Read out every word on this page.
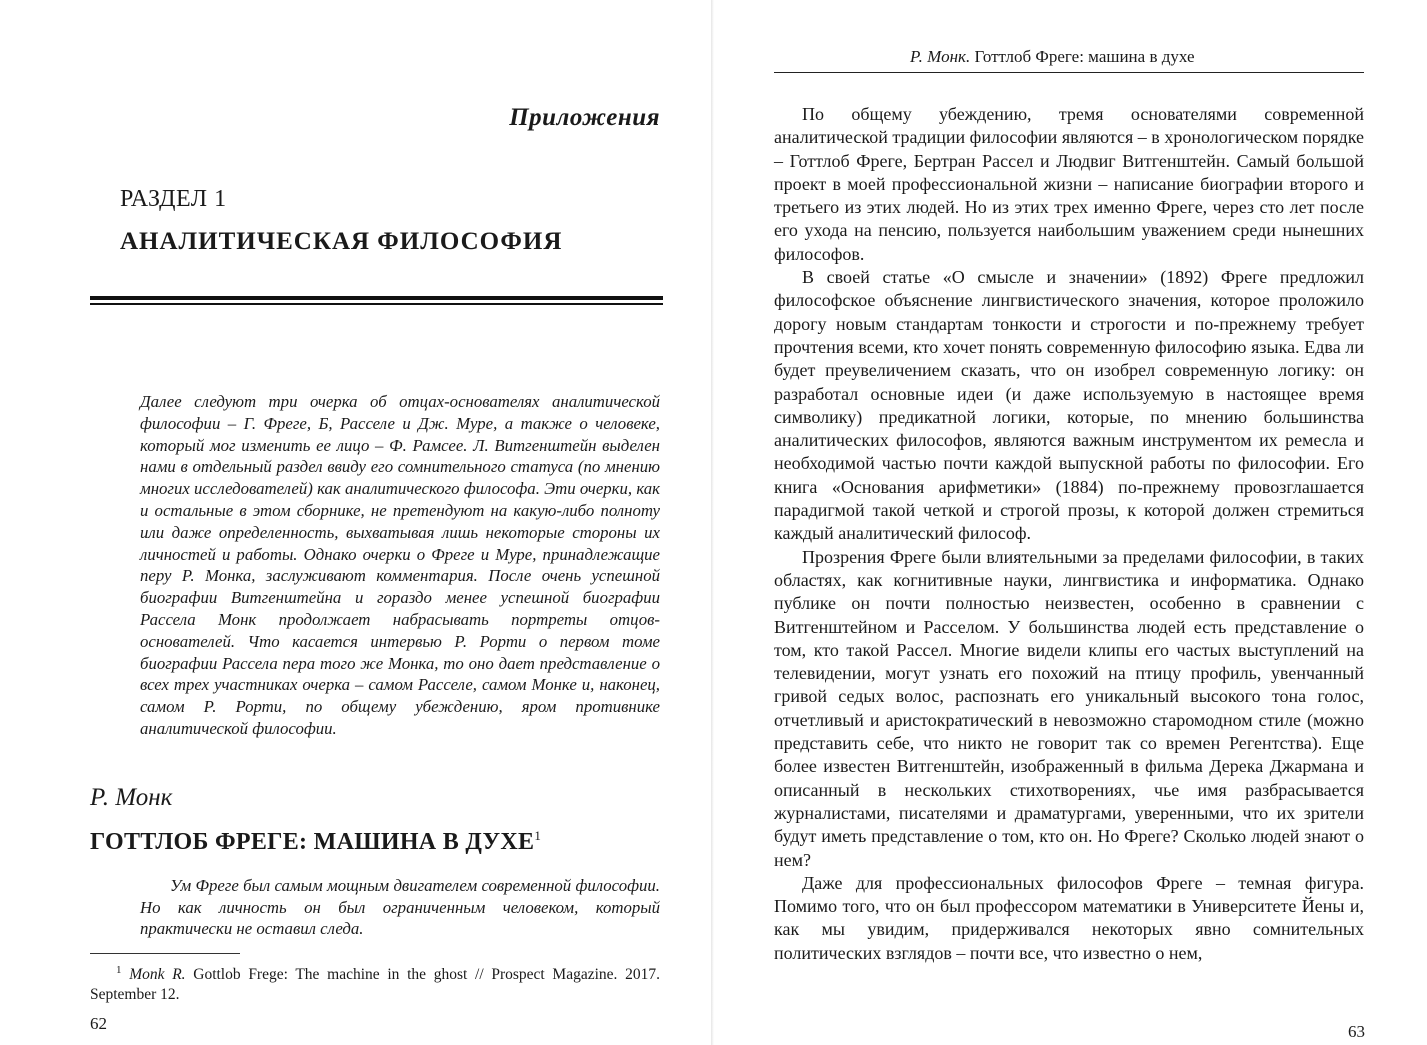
Приложения
РАЗДЕЛ 1
АНАЛИТИЧЕСКАЯ ФИЛОСОФИЯ
Далее следуют три очерка об отцах-основателях аналитической философии – Г. Фреге, Б, Расселе и Дж. Муре, а также о человеке, который мог изменить ее лицо – Ф. Рамсее. Л. Витгенштейн выделен нами в отдельный раздел ввиду его сомнительного статуса (по мнению многих исследователей) как аналитического философа. Эти очерки, как и остальные в этом сборнике, не претендуют на какую-либо полноту или даже определенность, выхватывая лишь некоторые стороны их личностей и работы. Однако очерки о Фреге и Муре, принадлежащие перу Р. Монка, заслуживают комментария. После очень успешной биографии Витгенштейна и гораздо менее успешной биографии Рассела Монк продолжает набрасывать портреты отцов-основателей. Что касается интервью Р. Рорти о первом томе биографии Рассела пера того же Монка, то оно дает представление о всех трех участниках очерка – самом Расселе, самом Монке и, наконец, самом Р. Рорти, по общему убеждению, яром противнике аналитической философии.
Р. Монк
ГОТТЛОБ ФРЕГЕ: МАШИНА В ДУХЕ$^1$
Ум Фреге был самым мощным двигателем современной философии. Но как личность он был ограниченным человеком, который практически не оставил следа.
$^1$ Monk R. Gottlob Frege: The machine in the ghost // Prospect Magazine. 2017. September 12.
62
Р. Монк. Готтлоб Фреге: машина в духе

По общему убеждению, тремя основателями современной аналитической традиции философии являются – в хронологическом порядке – Готтлоб Фреге, Бертран Рассел и Людвиг Витгенштейн. Самый большой проект в моей профессиональной жизни – написание биографии второго и третьего из этих людей. Но из этих трех именно Фреге, через сто лет после его ухода на пенсию, пользуется наибольшим уважением среди нынешних философов.

В своей статье «О смысле и значении» (1892) Фреге предложил философское объяснение лингвистического значения, которое проложило дорогу новым стандартам тонкости и строгости и по-прежнему требует прочтения всеми, кто хочет понять современную философию языка. Едва ли будет преувеличением сказать, что он изобрел современную логику: он разработал основные идеи (и даже используемую в настоящее время символику) предикатной логики, которые, по мнению большинства аналитических философов, являются важным инструментом их ремесла и необходимой частью почти каждой выпускной работы по философии. Его книга «Основания арифметики» (1884) по-прежнему провозглашается парадигмой такой четкой и строгой прозы, к которой должен стремиться каждый аналитический философ.

Прозрения Фреге были влиятельными за пределами философии, в таких областях, как когнитивные науки, лингвистика и информатика. Однако публике он почти полностью неизвестен, особенно в сравнении с Витгенштейном и Расселом. У большинства людей есть представление о том, кто такой Рассел. Многие видели клипы его частых выступлений на телевидении, могут узнать его похожий на птицу профиль, увенчанный гривой седых волос, распознать его уникальный высокого тона голос, отчетливый и аристократический в невозможно старомодном стиле (можно представить себе, что никто не говорит так со времен Регентства). Еще более известен Витгенштейн, изображенный в фильма Дерека Джармана и описанный в нескольких стихотворениях, чье имя разбрасывается журналистами, писателями и драматургами, уверенными, что их зрители будут иметь представление о том, кто он. Но Фреге? Сколько людей знают о нем?

Даже для профессиональных философов Фреге – темная фигура. Помимо того, что он был профессором математики в Университете Йены и, как мы увидим, придерживался некоторых явно сомнительных политических взглядов – почти все, что известно о нем,

63
